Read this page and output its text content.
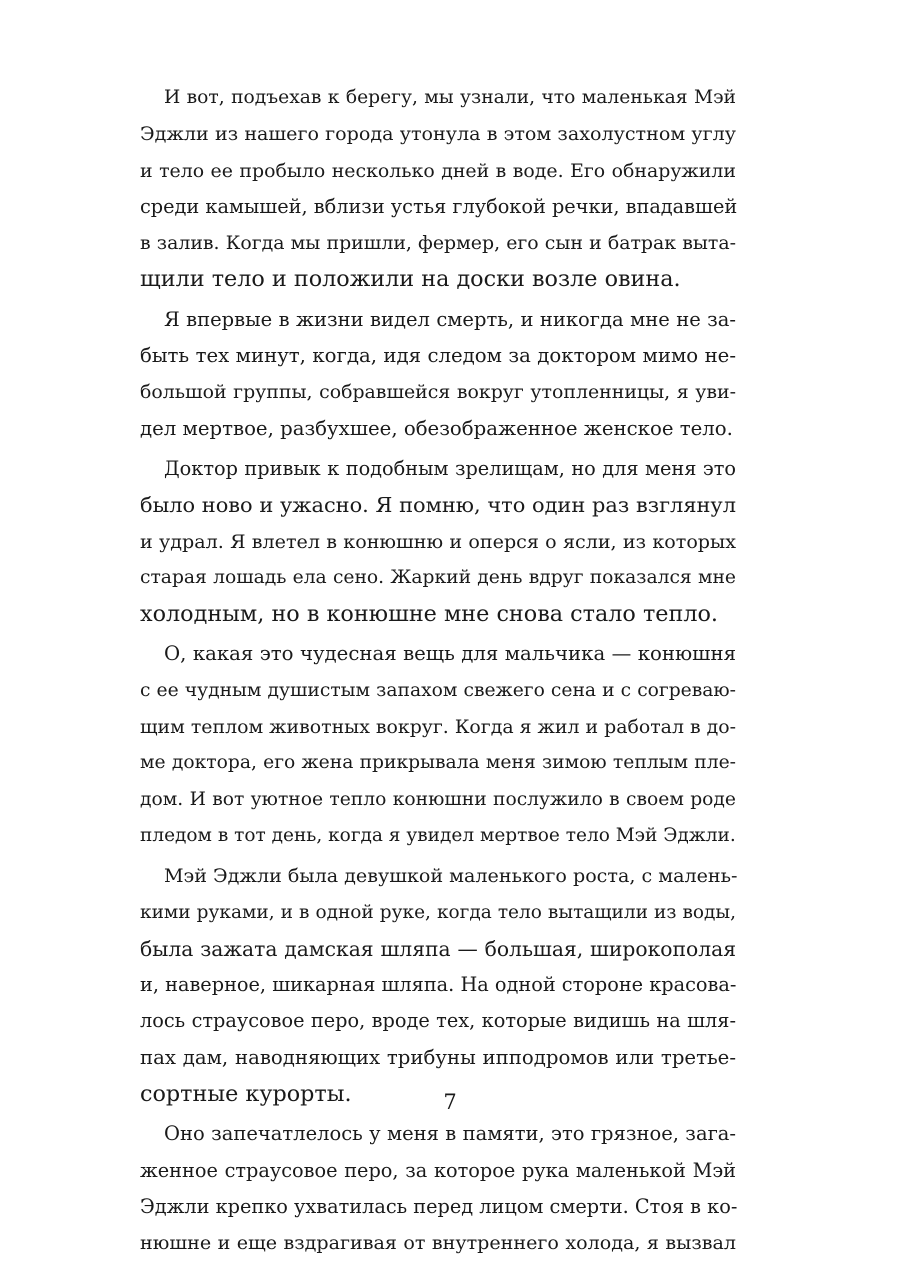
И вот, подъехав к берегу, мы узнали, что маленькая Мэй
Эджли из нашего города утонула в этом захолустном углу
и тело ее пробыло несколько дней в воде. Его обнаружили
среди камышей, вблизи устья глубокой речки, впадавшей
в залив. Когда мы пришли, фермер, его сын и батрак выта-
щили тело и положили на доски возле овина.
Я впервые в жизни видел смерть, и никогда мне не за-
быть тех минут, когда, идя следом за доктором мимо не-
большой группы, собравшейся вокруг утопленницы, я уви-
дел мертвое, разбухшее, обезображенное женское тело.
Доктор привык к подобным зрелищам, но для меня это
было ново и ужасно. Я помню, что один раз взглянул
и удрал. Я влетел в конюшню и оперся о ясли, из которых
старая лошадь ела сено. Жаркий день вдруг показался мне
холодным, но в конюшне мне снова стало тепло.
О, какая это чудесная вещь для мальчика — конюшня
с ее чудным душистым запахом свежего сена и с согреваю-
щим теплом животных вокруг. Когда я жил и работал в до-
ме доктора, его жена прикрывала меня зимою теплым пле-
дом. И вот уютное тепло конюшни послужило в своем роде
пледом в тот день, когда я увидел мертвое тело Мэй Эджли.
Мэй Эджли была девушкой маленького роста, с малень-
кими руками, и в одной руке, когда тело вытащили из воды,
была зажата дамская шляпа — большая, широкополая
и, наверное, шикарная шляпа. На одной стороне красова-
лось страусовое перо, вроде тех, которые видишь на шля-
пах дам, наводняющих трибуны ипподромов или третье-
сортные курорты.
Оно запечатлелось у меня в памяти, это грязное, зага-
женное страусовое перо, за которое рука маленькой Мэй
Эджли крепко ухватилась перед лицом смерти. Стоя в ко-
нюшне и еще вздрагивая от внутреннего холода, я вызвал
7
